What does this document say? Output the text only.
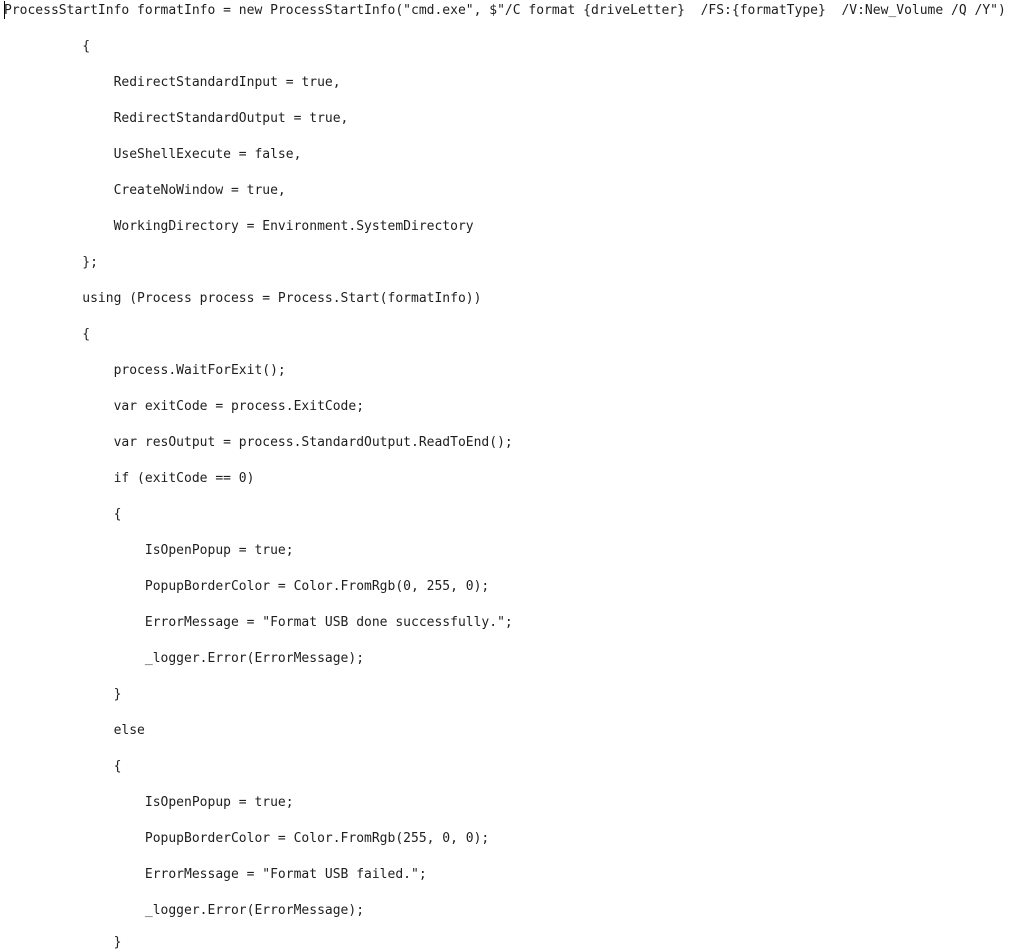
ProcessStartInfo formatInfo = new ProcessStartInfo("cmd.exe", $"/C format {driveLetter}  /FS:{formatType}  /V:New_Volume /Q /Y")
{
RedirectStandardInput = true,
RedirectStandardOutput = true,
UseShellExecute = false,
CreateNoWindow = true,
WorkingDirectory = Environment.SystemDirectory
};
using (Process process = Process.Start(formatInfo))
{
process.WaitForExit();
var exitCode = process.ExitCode;
var resOutput = process.StandardOutput.ReadToEnd();
if (exitCode == 0)
{
IsOpenPopup = true;
PopupBorderColor = Color.FromRgb(0, 255, 0);
ErrorMessage = "Format USB done successfully.";
_logger.Error(ErrorMessage);
}
else
{
IsOpenPopup = true;
PopupBorderColor = Color.FromRgb(255, 0, 0);
ErrorMessage = "Format USB failed.";
_logger.Error(ErrorMessage);
}
